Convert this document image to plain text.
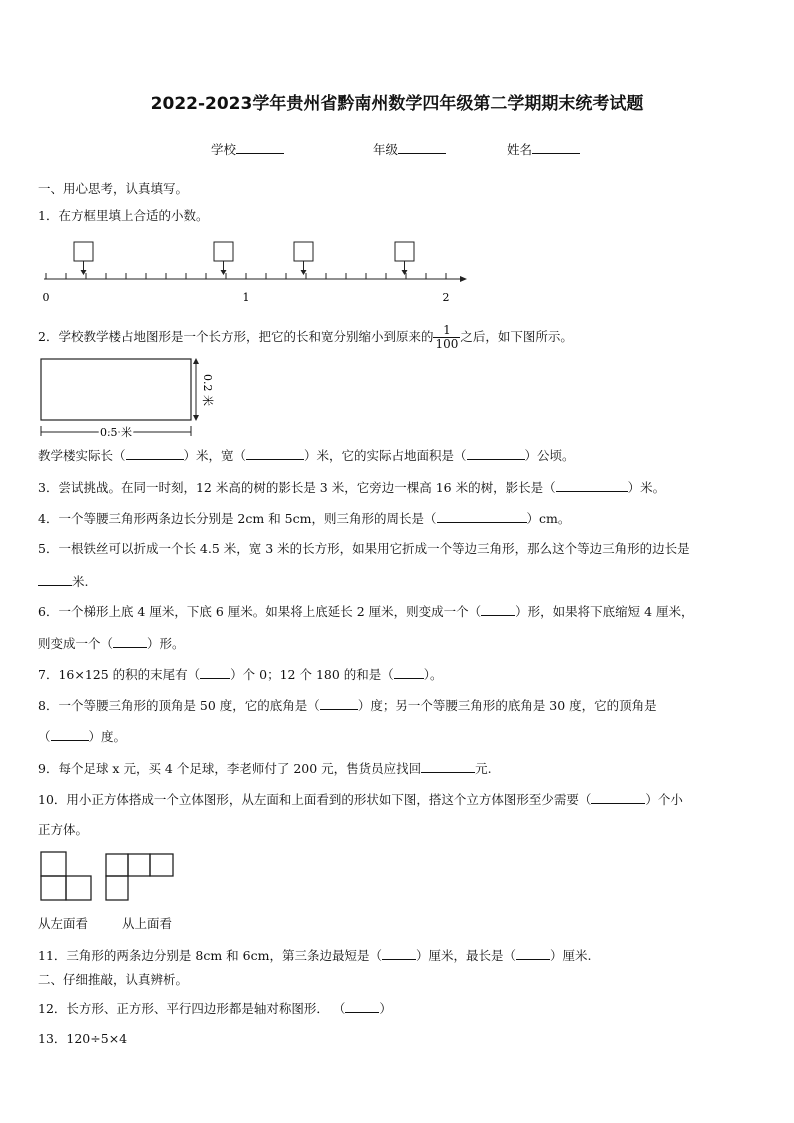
2022-2023学年贵州省黔南州数学四年级第二学期期末统考试题
学校	年级	姓名
一、用心思考，认真填写。
1．在方框里填上合适的小数。
0	1	2
2．学校教学楼占地图形是一个长方形，把它的长和宽分别缩小到原来的 $\frac{1}{100}$ 之后，如下图所示。
0.2 米
0.5 米
教学楼实际长（	）米，宽（	）米，它的实际占地面积是（	）公顷。
3．尝试挑战。在同一时刻，12 米高的树的影长是 3 米，它旁边一棵高 16 米的树，影长是（	）米。
4．一个等腰三角形两条边长分别是 2cm 和 5cm，则三角形的周长是（	）cm。
5．一根铁丝可以折成一个长 4.5 米，宽 3 米的长方形，如果用它折成一个等边三角形，那么这个等边三角形的边长是
米.
6．一个梯形上底 4 厘米，下底 6 厘米。如果将上底延长 2 厘米，则变成一个（	）形，如果将下底缩短 4 厘米，
则变成一个（	）形。
7．16×125 的积的末尾有（ ）个 0；12 个 180 的和是（ ）。
8．一个等腰三角形的顶角是 50 度，它的底角是（	）度；另一个等腰三角形的底角是 30 度，它的顶角是
（	）度。
9．每个足球 x 元，买 4 个足球，李老师付了 200 元，售货员应找回	元.
10．用小正方体搭成一个立体图形，从左面和上面看到的形状如下图，搭这个立方体图形至少需要（	）个小
正方体。
从左面看	从上面看
11．三角形的两条边分别是 8cm 和 6cm，第三条边最短是（	）厘米，最长是（	）厘米.
二、仔细推敲，认真辨析。
12．长方形、正方形、平行四边形都是轴对称图形． （	）
13．120÷5×4
